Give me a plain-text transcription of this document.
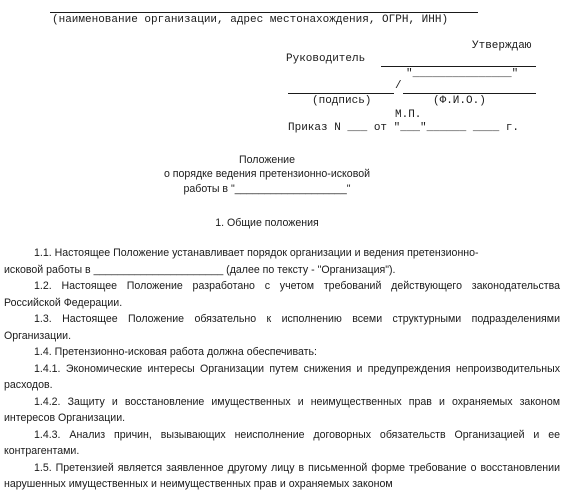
(наименование организации, адрес местонахождения, ОГРН, ИНН)
Утверждаю
Руководитель
"_______________"
/
(подпись)	(Ф.И.О.)
М.П.
Приказ N ___ от "___"______ ____ г.
Положение
о порядке ведения претензионно-исковой
работы в "___________________"
1. Общие положения

1.1. Настоящее Положение устанавливает порядок организации и ведения претензионно-

исковой работы в ______________________ (далее по тексту - "Организация").

1.2. Настоящее Положение разработано с учетом требований действующего законодательства Российской Федерации.

1.3. Настоящее Положение обязательно к исполнению всеми структурными подразделениями Организации.

1.4. Претензионно-исковая работа должна обеспечивать:

1.4.1. Экономические интересы Организации путем снижения и предупреждения непроизводительных расходов.

1.4.2. Защиту и восстановление имущественных и неимущественных прав и охраняемых законом интересов Организации.

1.4.3. Анализ причин, вызывающих неисполнение договорных обязательств Организацией и ее контрагентами.

1.5. Претензией является заявленное другому лицу в письменной форме требование о восстановлении нарушенных имущественных и неимущественных прав и охраняемых законом
